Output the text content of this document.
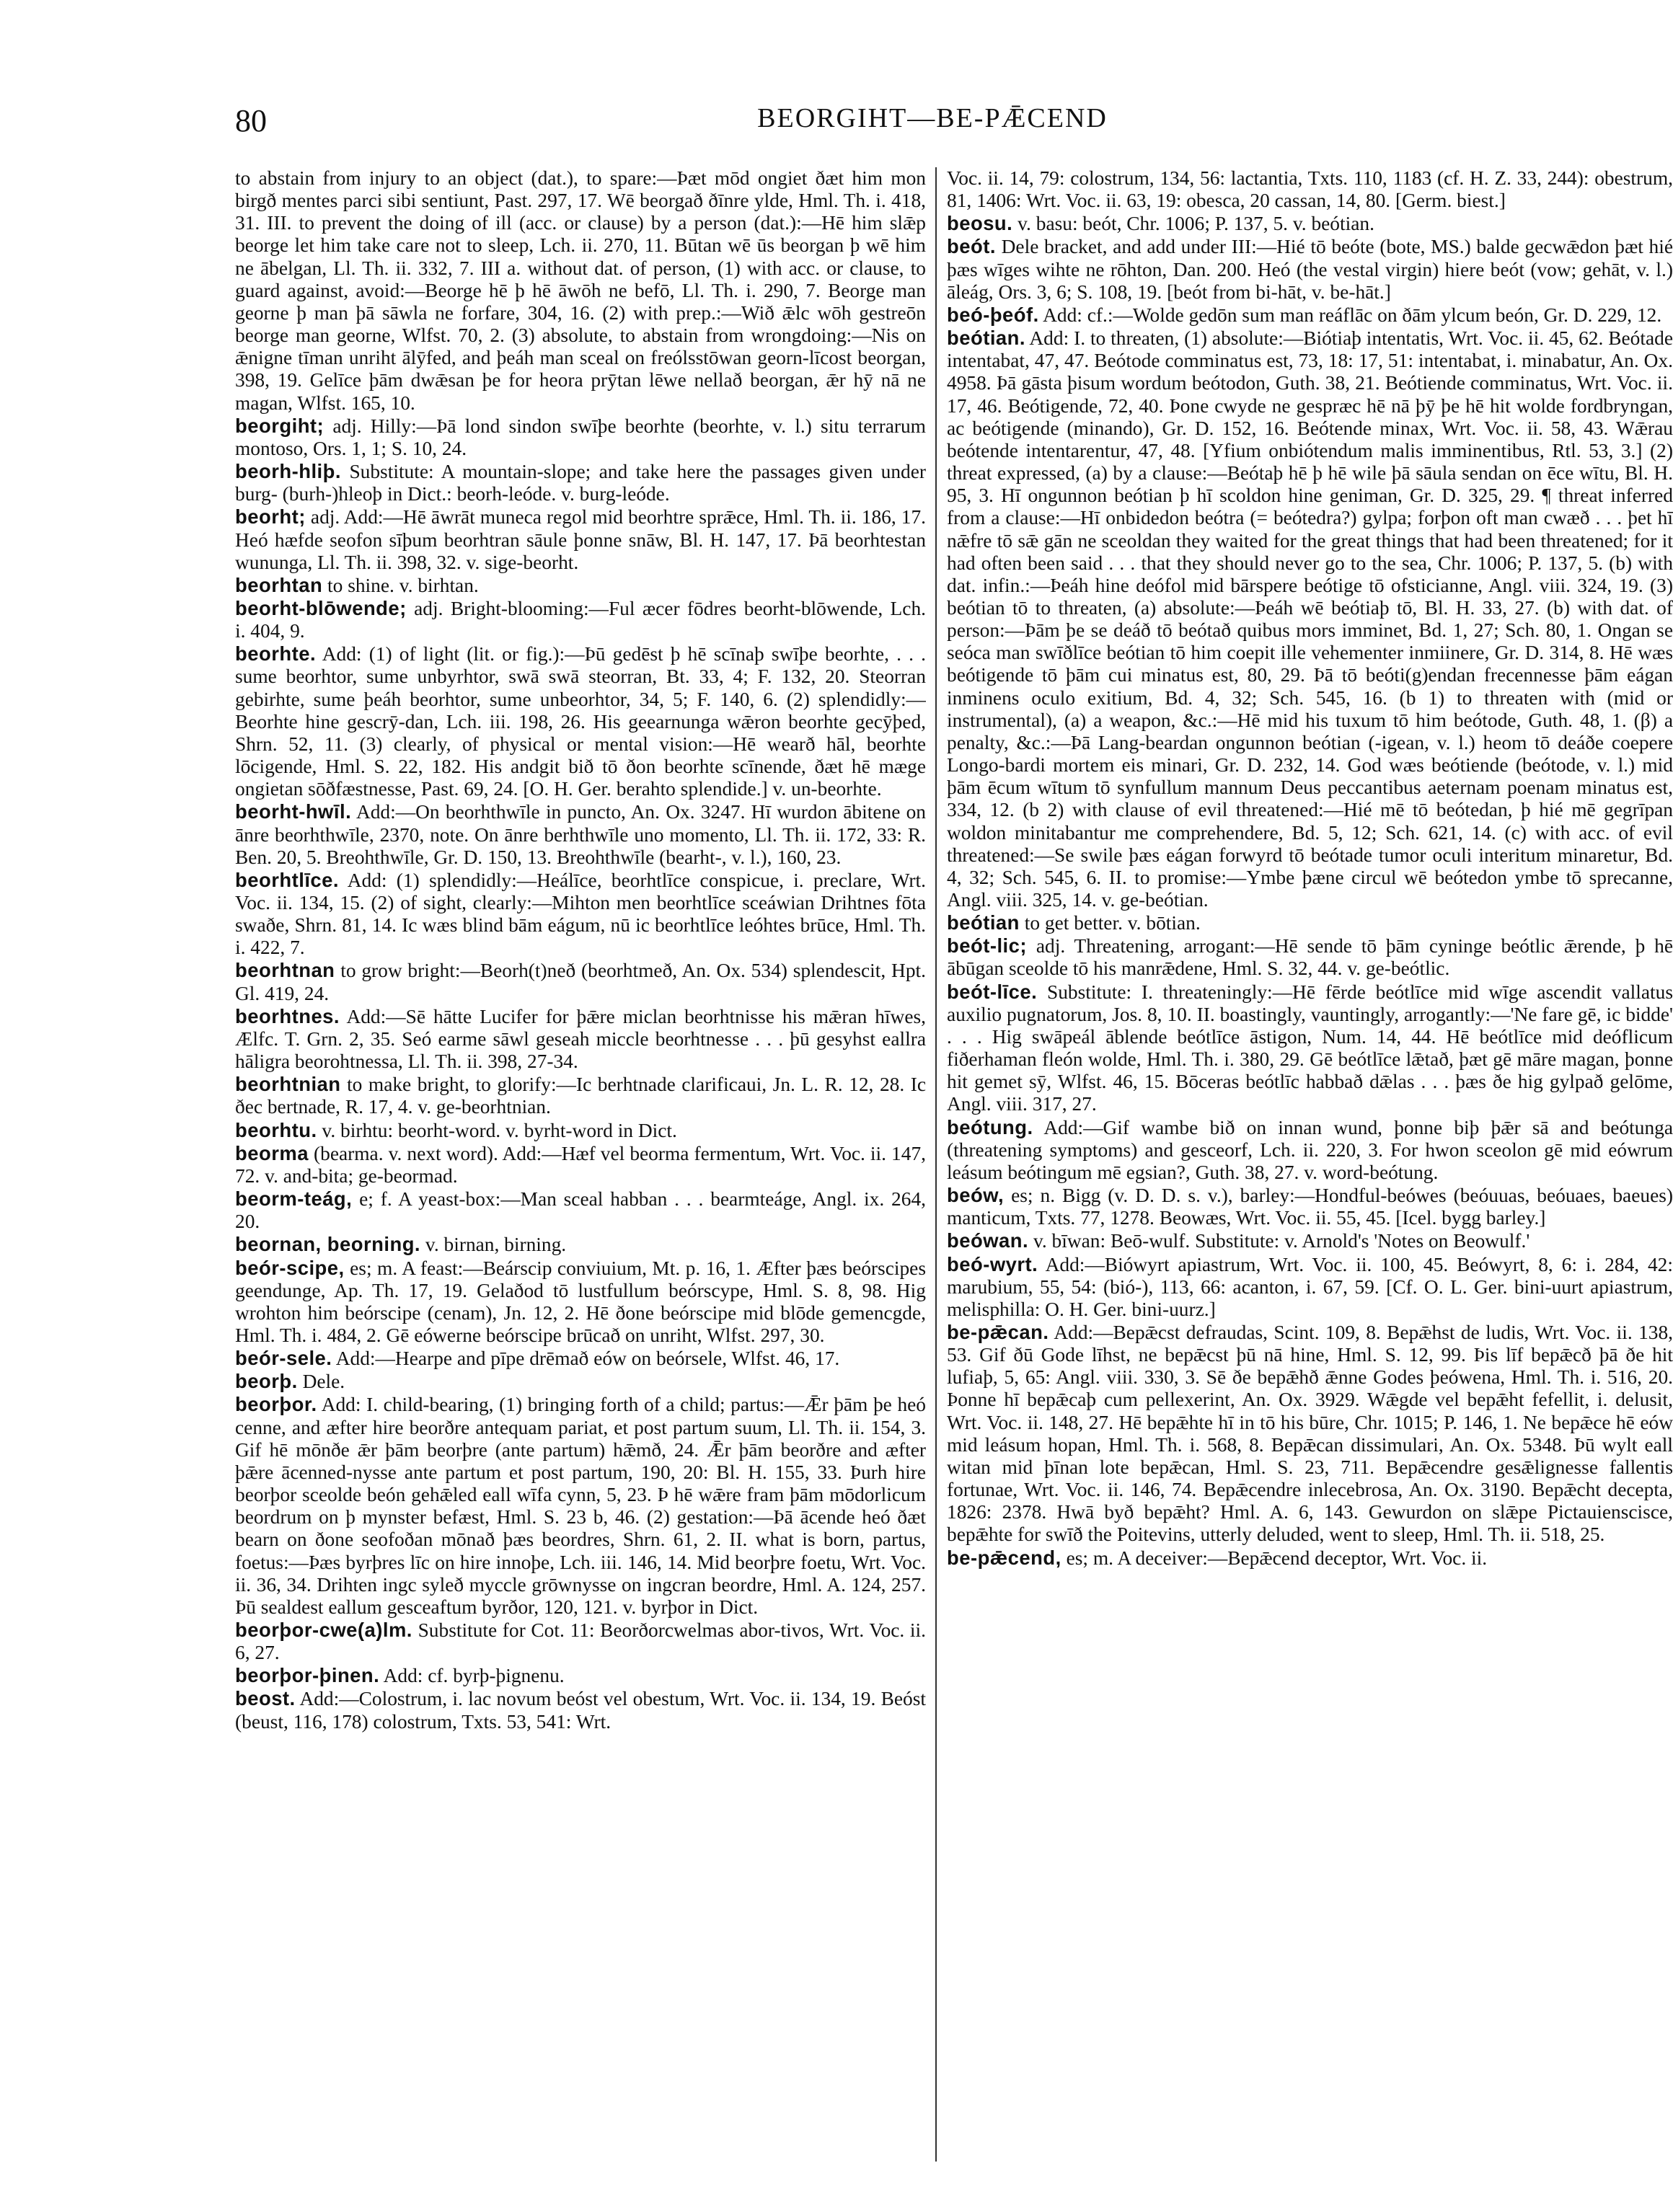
80	BEORGIHT—BE-PǢCEND

to abstain from injury to an object (dat.), to spare:—Þæt mōd ongiet ðæt him mon birgð mentes parci sibi sentiunt, Past. 297, 17. Wē beorgað ðīnre ylde, Hml. Th. i. 418, 31. III. to prevent the doing of ill (acc. or clause) by a person (dat.):—Hē him slǣp beorge let him take care not to sleep, Lch. ii. 270, 11. Būtan wē ūs beorgan þ wē him ne ābelgan, Ll. Th. ii. 332, 7. III a. without dat. of person, (1) with acc. or clause, to guard against, avoid:—Beorge hē þ hē āwōh ne befō, Ll. Th. i. 290, 7. Beorge man georne þ man þā sāwla ne forfare, 304, 16. (2) with prep.:—Wið ǣlc wōh gestreōn beorge man georne, Wlfst. 70, 2. (3) absolute, to abstain from wrongdoing:—Nis on ǣnigne tīman unriht ālȳfed, and þeáh man sceal on freólsstōwan georn-līcost beorgan, 398, 19. Gelīce þām dwǣsan þe for heora prȳtan lēwe nellað beorgan, ǣr hȳ nā ne magan, Wlfst. 165, 10.

beorgiht; adj. Hilly:—Þā lond sindon swīþe beorhte (beorhte, v. l.) situ terrarum montoso, Ors. 1, 1; S. 10, 24.

beorh-hliþ. Substitute: A mountain-slope; and take here the passages given under burg- (burh-)hleoþ in Dict.: beorh-leóde. v. burg-leóde.

beorht; adj. Add:—Hē āwrāt muneca regol mid beorhtre sprǣce, Hml. Th. ii. 186, 17. Heó hæfde seofon sīþum beorhtran sāule þonne snāw, Bl. H. 147, 17. Þā beorhtestan wununga, Ll. Th. ii. 398, 32. v. sige-beorht.

beorhtan to shine. v. birhtan.

beorht-blōwende; adj. Bright-blooming:—Ful æcer fōdres beorht-blōwende, Lch. i. 404, 9.

beorhte. Add: (1) of light (lit. or fig.):—Þū gedēst þ hē scīnaþ swīþe beorhte, . . . sume beorhtor, sume unbyrhtor, swā swā steorran, Bt. 33, 4; F. 132, 20. Steorran gebirhte, sume þeáh beorhtor, sume unbeorhtor, 34, 5; F. 140, 6. (2) splendidly:—Beorhte hine gescrȳ-dan, Lch. iii. 198, 26. His geearnunga wǣron beorhte gecȳþed, Shrn. 52, 11. (3) clearly, of physical or mental vision:—Hē wearð hāl, beorhte lōcigende, Hml. S. 22, 182. His andgit bið tō ðon beorhte scīnende, ðæt hē mæge ongietan sōðfæstnesse, Past. 69, 24. [O. H. Ger. berahto splendide.] v. un-beorhte.

beorht-hwīl. Add:—On beorhthwīle in puncto, An. Ox. 3247. Hī wurdon ābitene on ānre beorhthwīle, 2370, note. On ānre berhthwīle uno momento, Ll. Th. ii. 172, 33: R. Ben. 20, 5. Breohthwīle, Gr. D. 150, 13. Breohthwīle (bearht-, v. l.), 160, 23.

beorhtlīce. Add: (1) splendidly:—Heálīce, beorhtlīce conspicue, i. preclare, Wrt. Voc. ii. 134, 15. (2) of sight, clearly:—Mihton men beorhtlīce sceáwian Drihtnes fōta swaðe, Shrn. 81, 14. Ic wæs blind bām eágum, nū ic beorhtlīce leóhtes brūce, Hml. Th. i. 422, 7.

beorhtnan to grow bright:—Beorh(t)neð (beorhtmeð, An. Ox. 534) splendescit, Hpt. Gl. 419, 24.

beorhtnes. Add:—Sē hātte Lucifer for þǣre miclan beorhtnisse his mǣran hīwes, Ælfc. T. Grn. 2, 35. Seó earme sāwl geseah miccle beorhtnesse . . . þū gesyhst eallra hāligra beorohtnessa, Ll. Th. ii. 398, 27-34.

beorhtnian to make bright, to glorify:—Ic berhtnade clarificaui, Jn. L. R. 12, 28. Ic ðec bertnade, R. 17, 4. v. ge-beorhtnian.

beorhtu. v. birhtu: beorht-word. v. byrht-word in Dict.

beorma (bearma. v. next word). Add:—Hæf vel beorma fermentum, Wrt. Voc. ii. 147, 72. v. and-bita; ge-beormad.

beorm-teág, e; f. A yeast-box:—Man sceal habban . . . bearmteáge, Angl. ix. 264, 20.

beornan, beorning. v. birnan, birning.

beór-scipe, es; m. A feast:—Beárscip conviuium, Mt. p. 16, 1. Æfter þæs beórscipes geendunge, Ap. Th. 17, 19. Gelaðod tō lustfullum beórscype, Hml. S. 8, 98. Hig wrohton him beórscipe (cenam), Jn. 12, 2. Hē ðone beórscipe mid blōde gemencgde, Hml. Th. i. 484, 2. Gē eówerne beórscipe brūcað on unriht, Wlfst. 297, 30.

beór-sele. Add:—Hearpe and pīpe drēmað eów on beórsele, Wlfst. 46, 17.

beorþ. Dele.

beorþor. Add: I. child-bearing, (1) bringing forth of a child; partus:—Ǣr þām þe heó cenne, and æfter hire beorðre antequam pariat, et post partum suum, Ll. Th. ii. 154, 3. Gif hē mōnðe ǣr þām beorþre (ante partum) hǣmð, 24. Ǣr þām beorðre and æfter þǣre ācenned-nysse ante partum et post partum, 190, 20: Bl. H. 155, 33. Þurh hire beorþor sceolde beón gehǣled eall wīfa cynn, 5, 23. Þ hē wǣre fram þām mōdorlicum beordrum on þ mynster befæst, Hml. S. 23 b, 46. (2) gestation:—Þā ācende heó ðæt bearn on ðone seofoðan mōnað þæs beordres, Shrn. 61, 2. II. what is born, partus, foetus:—Þæs byrþres līc on hire innoþe, Lch. iii. 146, 14. Mid beorþre foetu, Wrt. Voc. ii. 36, 34. Drihten ingc syleð myccle grōwnysse on ingcran beordre, Hml. A. 124, 257. Þū sealdest eallum gesceaftum byrðor, 120, 121. v. byrþor in Dict.

beorþor-cwe(a)lm. Substitute for Cot. 11: Beorðorcwelmas abor-tivos, Wrt. Voc. ii. 6, 27.

beorþor-þinen. Add: cf. byrþ-þignenu.

beost. Add:—Colostrum, i. lac novum beóst vel obestum, Wrt. Voc. ii. 134, 19. Beóst (beust, 116, 178) colostrum, Txts. 53, 541: Wrt.

Voc. ii. 14, 79: colostrum, 134, 56: lactantia, Txts. 110, 1183 (cf. H. Z. 33, 244): obestrum, 81, 1406: Wrt. Voc. ii. 63, 19: obesca, 20 cassan, 14, 80. [Germ. biest.]

beosu. v. basu: beót, Chr. 1006; P. 137, 5. v. beótian.

beót. Dele bracket, and add under III:—Hié tō beóte (bote, MS.) balde gecwǣdon þæt hié þæs wīges wihte ne rōhton, Dan. 200. Heó (the vestal virgin) hiere beót (vow; gehāt, v. l.) āleág, Ors. 3, 6; S. 108, 19. [beót from bi-hāt, v. be-hāt.]

beó-þeóf. Add: cf.:—Wolde gedōn sum man reáflāc on ðām ylcum beón, Gr. D. 229, 12.

beótian. Add: I. to threaten, (1) absolute:—Biótiaþ intentatis, Wrt. Voc. ii. 45, 62. Beótade intentabat, 47, 47. Beótode comminatus est, 73, 18: 17, 51: intentabat, i. minabatur, An. Ox. 4958. Þā gāsta þisum wordum beótodon, Guth. 38, 21. Beótiende comminatus, Wrt. Voc. ii. 17, 46. Beótigende, 72, 40. Þone cwyde ne gespræc hē nā þȳ þe hē hit wolde fordbryngan, ac beótigende (minando), Gr. D. 152, 16. Beótende minax, Wrt. Voc. ii. 58, 43. Wǣrau beótende intentarentur, 47, 48. [Yfium onbiótendum malis imminentibus, Rtl. 53, 3.] (2) threat expressed, (a) by a clause:—Beótaþ hē þ hē wile þā sāula sendan on ēce wītu, Bl. H. 95, 3. Hī ongunnon beótian þ hī scoldon hine geniman, Gr. D. 325, 29. ¶ threat inferred from a clause:—Hī onbidedon beótra (= beótedra?) gylpa; forþon oft man cwæð . . . þet hī nǣfre tō sǣ gān ne sceoldan they waited for the great things that had been threatened; for it had often been said . . . that they should never go to the sea, Chr. 1006; P. 137, 5. (b) with dat. infin.:—Þeáh hine deófol mid bārspere beótige tō ofsticianne, Angl. viii. 324, 19. (3) beótian tō to threaten, (a) absolute:—Þeáh wē beótiaþ tō, Bl. H. 33, 27. (b) with dat. of person:—Þām þe se deáð tō beótað quibus mors imminet, Bd. 1, 27; Sch. 80, 1. Ongan se seóca man swīðlīce beótian tō him coepit ille vehementer inmiinere, Gr. D. 314, 8. Hē wæs beótigende tō þām cui minatus est, 80, 29. Þā tō beóti(g)endan frecennesse þām eágan inminens oculo exitium, Bd. 4, 32; Sch. 545, 16. (b 1) to threaten with (mid or instrumental), (a) a weapon, &c.:—Hē mid his tuxum tō him beótode, Guth. 48, 1. (β) a penalty, &c.:—Þā Lang-beardan ongunnon beótian (-igean, v. l.) heom tō deáðe coepere Longo-bardi mortem eis minari, Gr. D. 232, 14. God wæs beótiende (beótode, v. l.) mid þām ēcum wītum tō synfullum mannum Deus peccantibus aeternam poenam minatus est, 334, 12. (b 2) with clause of evil threatened:—Hié mē tō beótedan, þ hié mē gegrīpan woldon minitabantur me comprehendere, Bd. 5, 12; Sch. 621, 14. (c) with acc. of evil threatened:—Se swile þæs eágan forwyrd tō beótade tumor oculi interitum minaretur, Bd. 4, 32; Sch. 545, 6. II. to promise:—Ymbe þæne circul wē beótedon ymbe tō sprecanne, Angl. viii. 325, 14. v. ge-beótian.

beótian to get better. v. bōtian.

beót-lic; adj. Threatening, arrogant:—Hē sende tō þām cyninge beótlic ǣrende, þ hē ābūgan sceolde tō his manrǣdene, Hml. S. 32, 44. v. ge-beótlic.

beót-līce. Substitute: I. threateningly:—Hē fērde beótlīce mid wīge ascendit vallatus auxilio pugnatorum, Jos. 8, 10. II. boastingly, vauntingly, arrogantly:—'Ne fare gē, ic bidde' . . . Hig swāpeál āblende beótlīce āstigon, Num. 14, 44. Hē beótlīce mid deóflicum fiðerhaman fleón wolde, Hml. Th. i. 380, 29. Gē beótlīce lǣtað, þæt gē māre magan, þonne hit gemet sȳ, Wlfst. 46, 15. Bōceras beótlīc habbað dǣlas . . . þæs ðe hig gylpað gelōme, Angl. viii. 317, 27.

beótung. Add:—Gif wambe bið on innan wund, þonne biþ þǣr sā and beótunga (threatening symptoms) and gesceorf, Lch. ii. 220, 3. For hwon sceolon gē mid eówrum leásum beótingum mē egsian?, Guth. 38, 27. v. word-beótung.

beów, es; n. Bigg (v. D. D. s. v.), barley:—Hondful-beówes (beóuuas, beóuaes, baeues) manticum, Txts. 77, 1278. Beowæs, Wrt. Voc. ii. 55, 45. [Icel. bygg barley.]

beówan. v. bīwan: Beō-wulf. Substitute: v. Arnold's 'Notes on Beowulf.'

beó-wyrt. Add:—Biówyrt apiastrum, Wrt. Voc. ii. 100, 45. Beówyrt, 8, 6: i. 284, 42: marubium, 55, 54: (bió-), 113, 66: acanton, i. 67, 59. [Cf. O. L. Ger. bini-uurt apiastrum, melisphilla: O. H. Ger. bini-uurz.]

be-pǣcan. Add:—Bepǣcst defraudas, Scint. 109, 8. Bepǣhst de ludis, Wrt. Voc. ii. 138, 53. Gif ðū Gode līhst, ne bepǣcst þū nā hine, Hml. S. 12, 99. Þis līf bepǣcð þā ðe hit lufiaþ, 5, 65: Angl. viii. 330, 3. Sē ðe bepǣhð ǣnne Godes þeówena, Hml. Th. i. 516, 20. Þonne hī bepǣcaþ cum pellexerint, An. Ox. 3929. Wǣgde vel bepǣht fefellit, i. delusit, Wrt. Voc. ii. 148, 27. Hē bepǣhte hī in tō his būre, Chr. 1015; P. 146, 1. Ne bepǣce hē eów mid leásum hopan, Hml. Th. i. 568, 8. Bepǣcan dissimulari, An. Ox. 5348. Þū wylt eall witan mid þīnan lote bepǣcan, Hml. S. 23, 711. Bepǣcendre gesǣlignesse fallentis fortunae, Wrt. Voc. ii. 146, 74. Bepǣcendre inlecebrosa, An. Ox. 3190. Bepǣcht decepta, 1826: 2378. Hwā byð bepǣht? Hml. A. 6, 143. Gewurdon on slǣpe Pictauienscisce, bepǣhte for swīð the Poitevins, utterly deluded, went to sleep, Hml. Th. ii. 518, 25.

be-pǣcend, es; m. A deceiver:—Bepǣcend deceptor, Wrt. Voc. ii.
